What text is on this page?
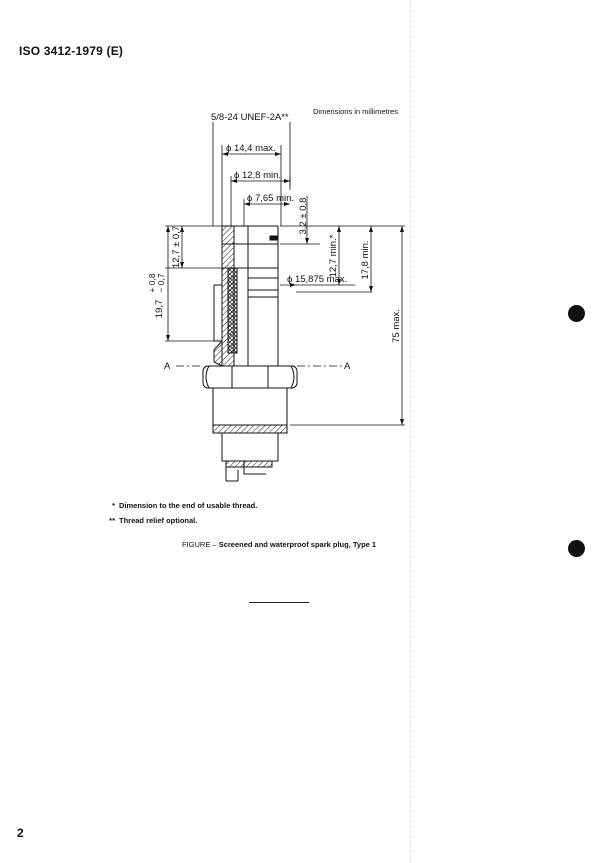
ISO 3412-1979 (E)
Dimensions in millimetres
A	A
5/8-24 UNEF-2A**
ϕ 14,4 max.
ϕ 12,8 min.
ϕ 7,65 min.
ϕ 15,875 max.
3,2 ± 0,8
12,7 min.* 17,8 min.
75 max.
12,7 ± 0,7
19,7
+ 0,8 − 0,7
* Dimension to the end of usable thread.
** Thread relief optional.
FIGURE – Screened and waterproof spark plug, Type 1
2
